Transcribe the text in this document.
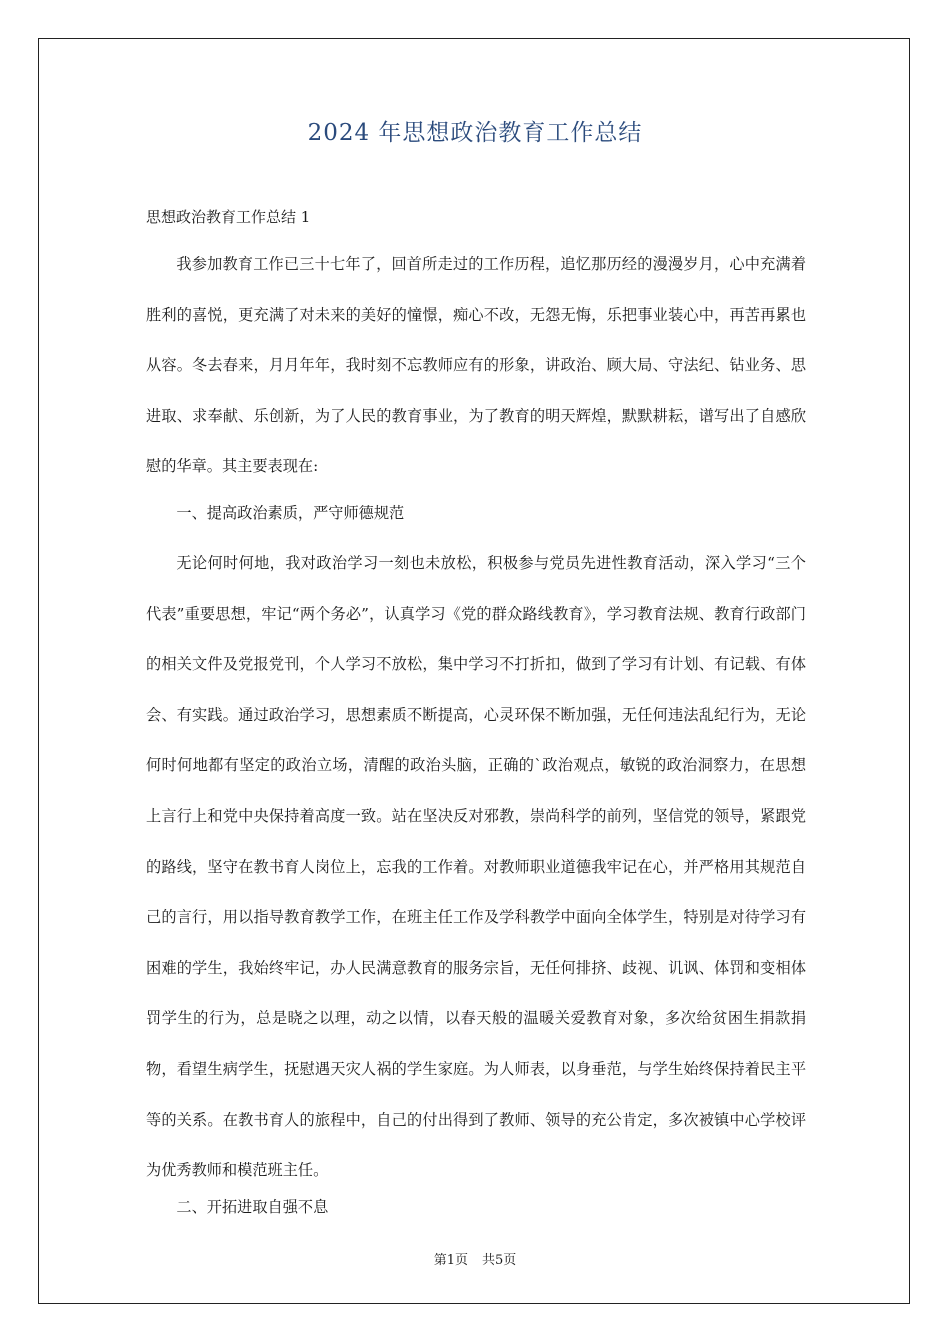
2024 年思想政治教育工作总结
思想政治教育工作总结 1

我参加教育工作已三十七年了，回首所走过的工作历程，追忆那历经的漫漫岁月，心中充满着胜利的喜悦，更充满了对未来的美好的憧憬，痴心不改，无怨无悔，乐把事业装心中，再苦再累也从容。冬去春来，月月年年，我时刻不忘教师应有的形象，讲政治、顾大局、守法纪、钻业务、思进取、求奉献、乐创新，为了人民的教育事业，为了教育的明天辉煌，默默耕耘，谱写出了自感欣慰的华章。其主要表现在:

一、提高政治素质，严守师德规范

无论何时何地，我对政治学习一刻也未放松，积极参与党员先进性教育活动，深入学习“三个代表”重要思想，牢记“两个务必”，认真学习《党的群众路线教育》，学习教育法规、教育行政部门的相关文件及党报党刊，个人学习不放松，集中学习不打折扣，做到了学习有计划、有记载、有体会、有实践。通过政治学习，思想素质不断提高，心灵环保不断加强，无任何违法乱纪行为，无论何时何地都有坚定的政治立场，清醒的政治头脑，正确的`政治观点，敏锐的政治洞察力，在思想上言行上和党中央保持着高度一致。站在坚决反对邪教，崇尚科学的前列，坚信党的领导，紧跟党的路线，坚守在教书育人岗位上，忘我的工作着。对教师职业道德我牢记在心，并严格用其规范自己的言行，用以指导教育教学工作，在班主任工作及学科教学中面向全体学生，特别是对待学习有困难的学生，我始终牢记，办人民满意教育的服务宗旨，无任何排挤、歧视、讥讽、体罚和变相体罚学生的行为，总是晓之以理，动之以情，以春天般的温暖关爱教育对象，多次给贫困生捐款捐物，看望生病学生，抚慰遇天灾人祸的学生家庭。为人师表，以身垂范，与学生始终保持着民主平等的关系。在教书育人的旅程中，自己的付出得到了教师、领导的充公肯定，多次被镇中心学校评为优秀教师和模范班主任。

二、开拓进取自强不息

第1页 共5页
